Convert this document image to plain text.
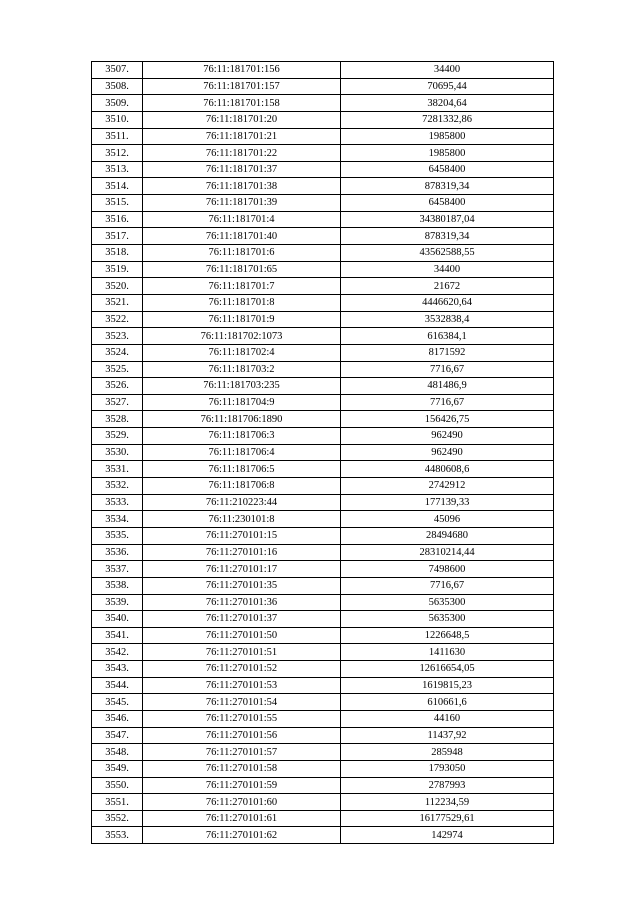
3507.	76:11:181701:156	34400
3508.	76:11:181701:157	70695,44
3509.	76:11:181701:158	38204,64
3510.	76:11:181701:20	7281332,86
3511.	76:11:181701:21	1985800
3512.	76:11:181701:22	1985800
3513.	76:11:181701:37	6458400
3514.	76:11:181701:38	878319,34
3515.	76:11:181701:39	6458400
3516.	76:11:181701:4	34380187,04
3517.	76:11:181701:40	878319,34
3518.	76:11:181701:6	43562588,55
3519.	76:11:181701:65	34400
3520.	76:11:181701:7	21672
3521.	76:11:181701:8	4446620,64
3522.	76:11:181701:9	3532838,4
3523.	76:11:181702:1073	616384,1
3524.	76:11:181702:4	8171592
3525.	76:11:181703:2	7716,67
3526.	76:11:181703:235	481486,9
3527.	76:11:181704:9	7716,67
3528.	76:11:181706:1890	156426,75
3529.	76:11:181706:3	962490
3530.	76:11:181706:4	962490
3531.	76:11:181706:5	4480608,6
3532.	76:11:181706:8	2742912
3533.	76:11:210223:44	177139,33
3534.	76:11:230101:8	45096
3535.	76:11:270101:15	28494680
3536.	76:11:270101:16	28310214,44
3537.	76:11:270101:17	7498600
3538.	76:11:270101:35	7716,67
3539.	76:11:270101:36	5635300
3540.	76:11:270101:37	5635300
3541.	76:11:270101:50	1226648,5
3542.	76:11:270101:51	1411630
3543.	76:11:270101:52	12616654,05
3544.	76:11:270101:53	1619815,23
3545.	76:11:270101:54	610661,6
3546.	76:11:270101:55	44160
3547.	76:11:270101:56	11437,92
3548.	76:11:270101:57	285948
3549.	76:11:270101:58	1793050
3550.	76:11:270101:59	2787993
3551.	76:11:270101:60	112234,59
3552.	76:11:270101:61	16177529,61
3553.	76:11:270101:62	142974
